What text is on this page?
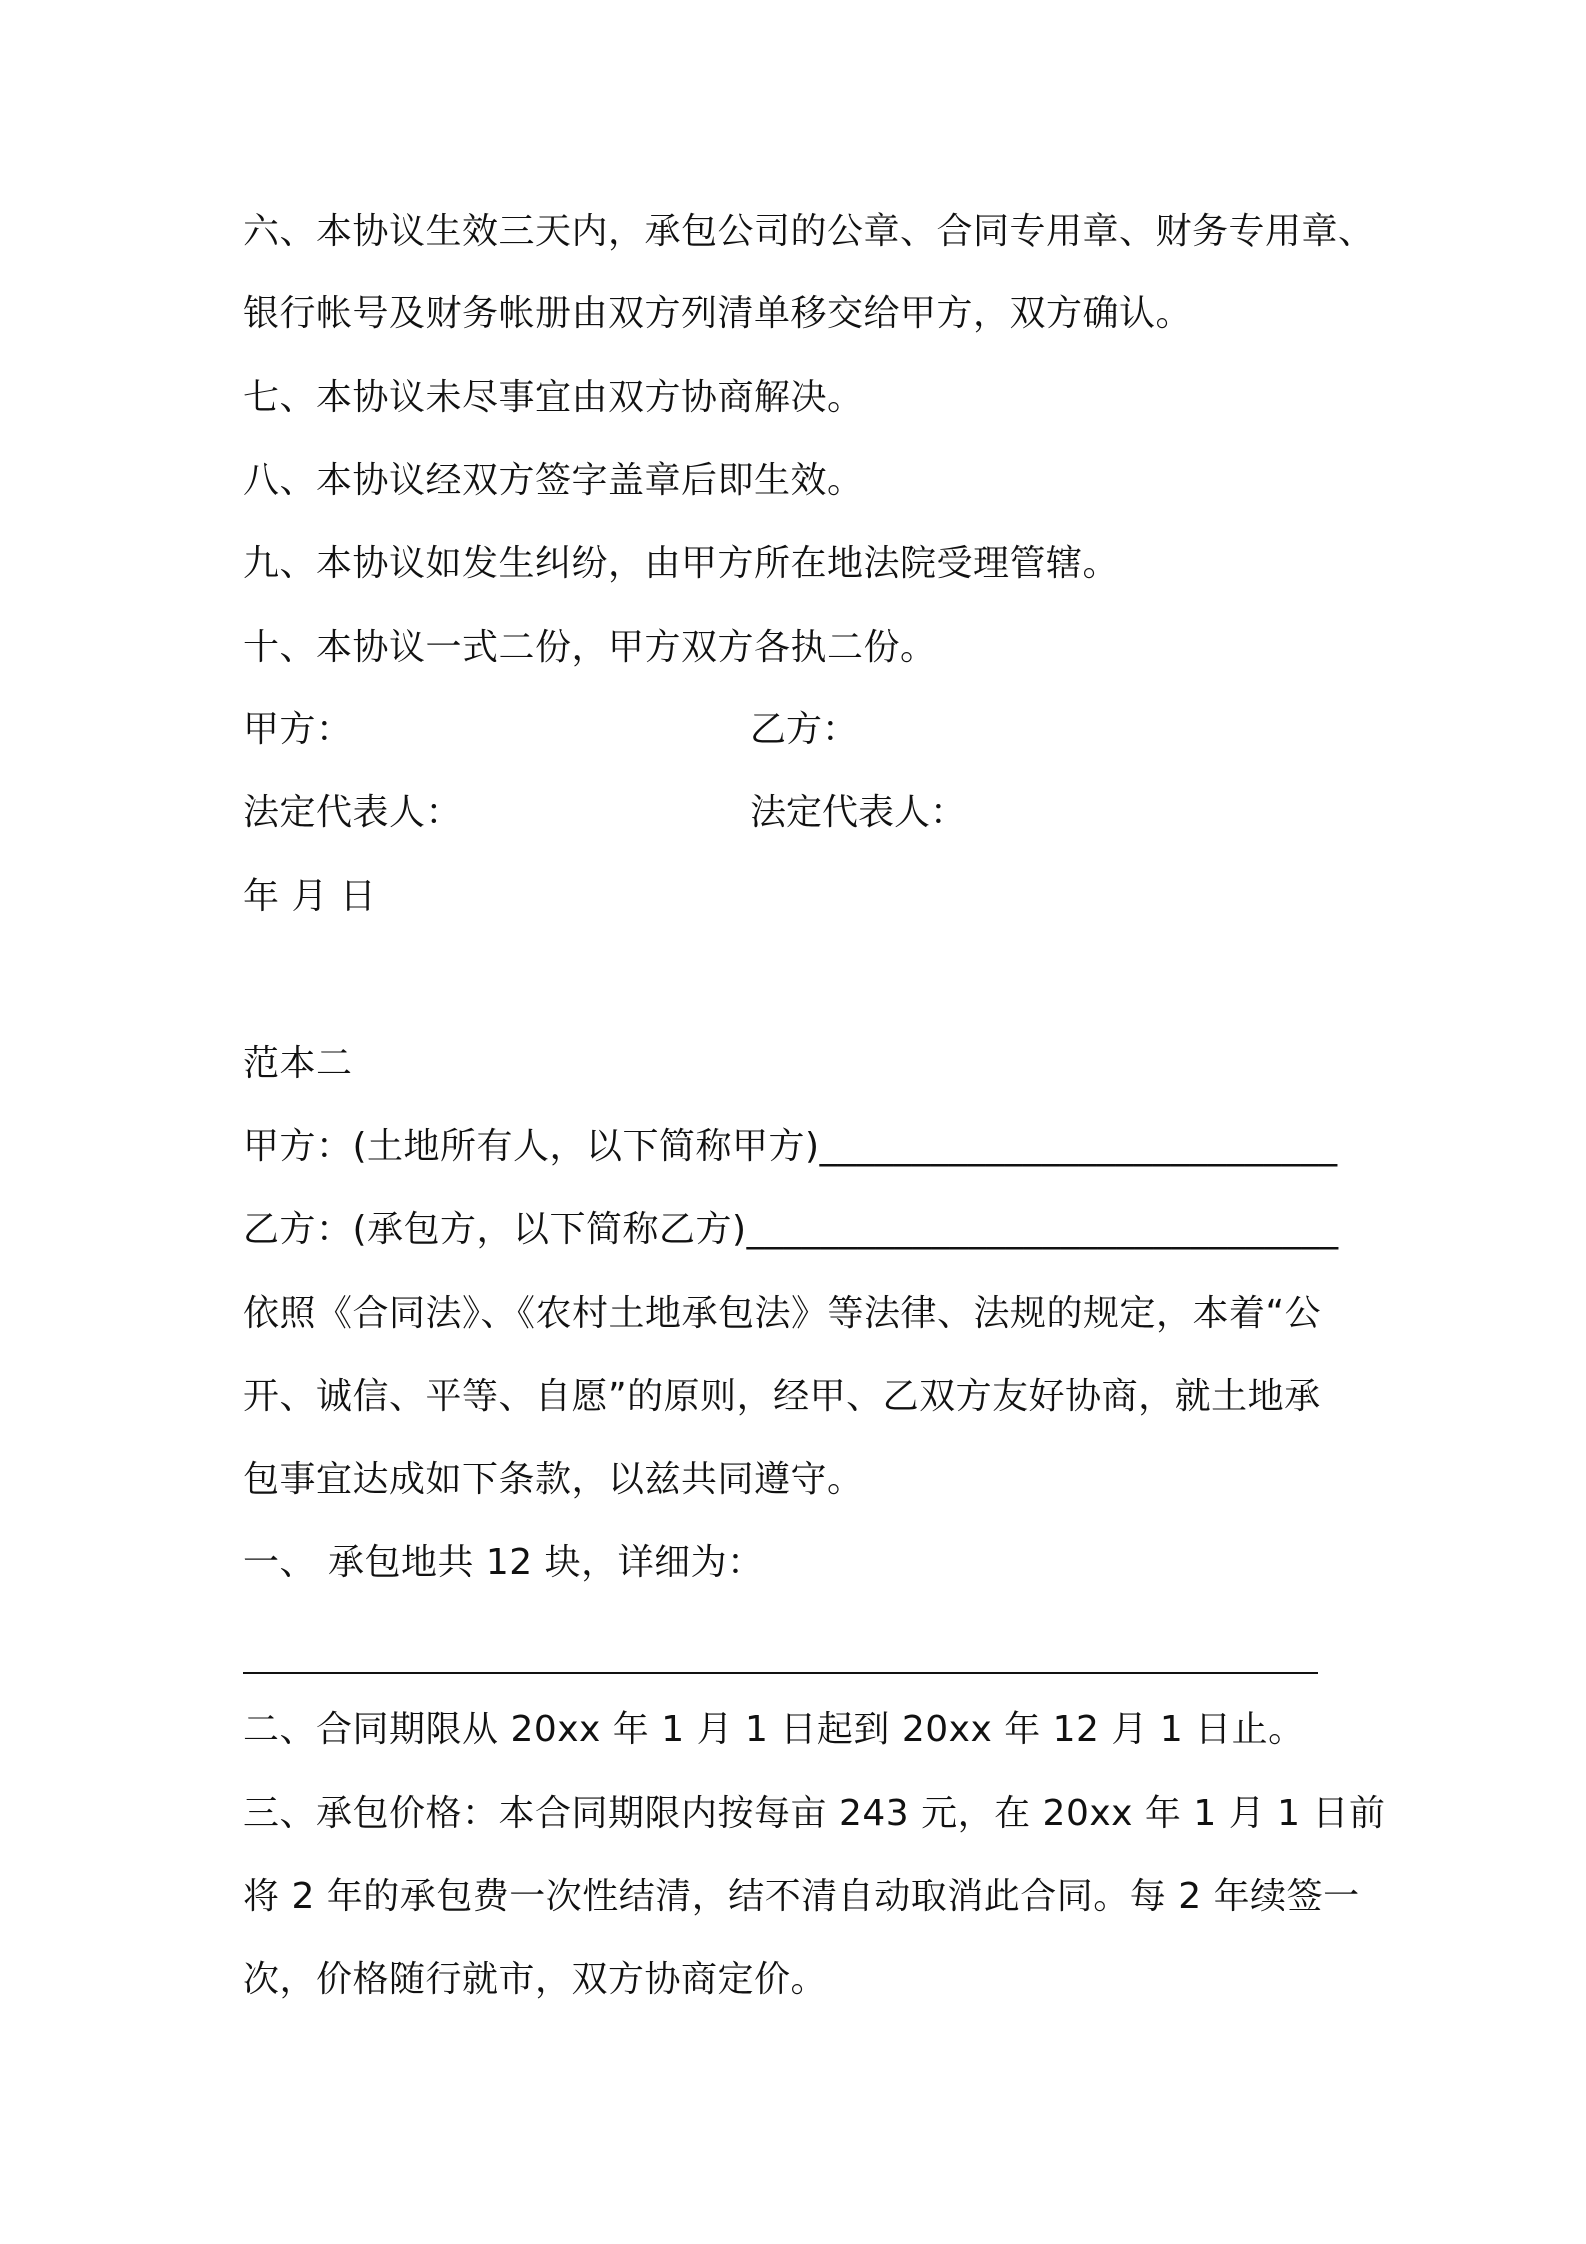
六、本协议生效三天内，承包公司的公章、合同专用章、财务专用章、
银行帐号及财务帐册由双方列清单移交给甲方，双方确认。
七、本协议未尽事宜由双方协商解决。
八、本协议经双方签字盖章后即生效。
九、本协议如发生纠纷，由甲方所在地法院受理管辖。
十、本协议一式二份，甲方双方各执二份。
甲方：	乙方：
法定代表人：	法定代表人：
年 月 日
范本二
甲方：(土地所有人，以下简称甲方)____________________________
乙方：(承包方，以下简称乙方)________________________________
依照《合同法》、《农村土地承包法》等法律、法规的规定，本着“公
开、诚信、平等、自愿”的原则，经甲、乙双方友好协商，就土地承
包事宜达成如下条款，以兹共同遵守。
一、 承包地共 12 块，详细为：
二、合同期限从 20xx 年 1 月 1 日起到 20xx 年 12 月 1 日止。
三、承包价格：本合同期限内按每亩 243 元，在 20xx 年 1 月 1 日前
将 2 年的承包费一次性结清，结不清自动取消此合同。每 2 年续签一
次，价格随行就市，双方协商定价。
